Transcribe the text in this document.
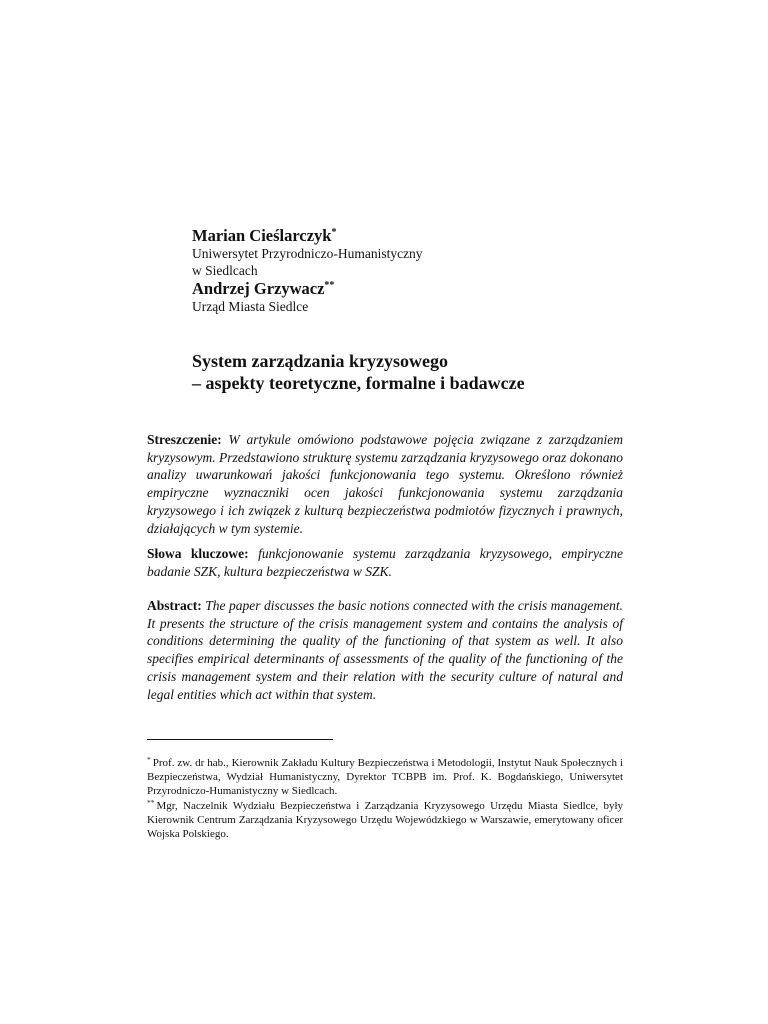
Marian Cieślarczyk*

Uniwersytet Przyrodniczo-Humanistyczny

w Siedlcach

Andrzej Grzywacz**

Urząd Miasta Siedlce

System zarządzania kryzysowego
– aspekty teoretyczne, formalne i badawcze

Streszczenie: W artykule omówiono podstawowe pojęcia związane z zarządzaniem kryzysowym. Przedstawiono strukturę systemu zarządzania kryzysowego oraz dokonano analizy uwarunkowań jakości funkcjonowania tego systemu. Określono również empiryczne wyznaczniki ocen jakości funkcjonowania systemu zarządzania kryzysowego i ich związek z kulturą bezpieczeństwa podmiotów fizycznych i prawnych, działających w tym systemie.

Słowa kluczowe: funkcjonowanie systemu zarządzania kryzysowego, empiryczne badanie SZK, kultura bezpieczeństwa w SZK.

Abstract: The paper discusses the basic notions connected with the crisis management. It presents the structure of the crisis management system and contains the analysis of conditions determining the quality of the functioning of that system as well. It also specifies empirical determinants of assessments of the quality of the functioning of the crisis management system and their relation with the security culture of natural and legal entities which act within that system.

* Prof. zw. dr hab., Kierownik Zakładu Kultury Bezpieczeństwa i Metodologii, Instytut Nauk Społecznych i Bezpieczeństwa, Wydział Humanistyczny, Dyrektor TCBPB im. Prof. K. Bogdańskiego, Uniwersytet Przyrodniczo-Humanistyczny w Siedlcach.

** Mgr, Naczelnik Wydziału Bezpieczeństwa i Zarządzania Kryzysowego Urzędu Miasta Siedlce, były Kierownik Centrum Zarządzania Kryzysowego Urzędu Wojewódzkiego w Warszawie, emerytowany oficer Wojska Polskiego.
